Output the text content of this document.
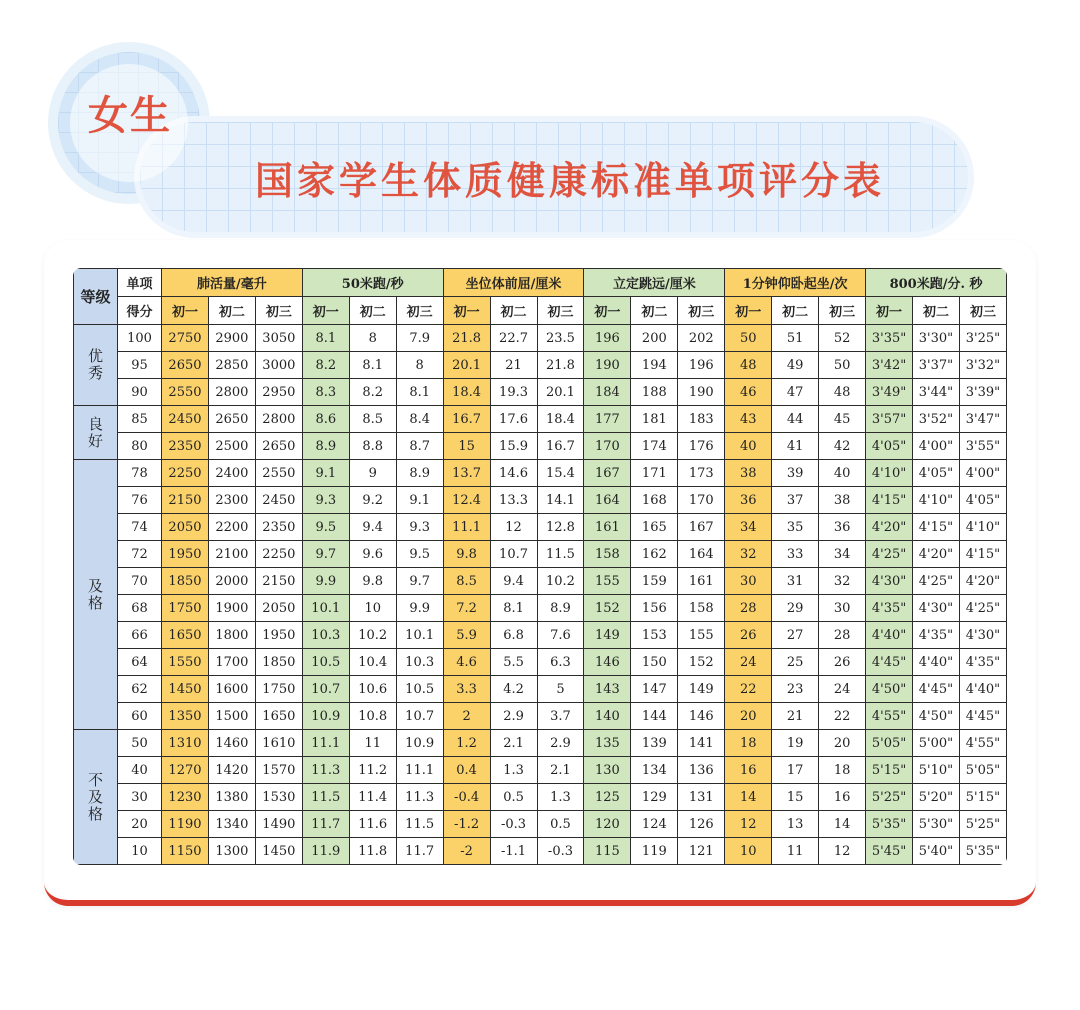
女生
国家学生体质健康标准单项评分表
等级	单项	肺活量/毫升			50米跑/秒			坐位体前屈/厘米			立定跳远/厘米			1分钟仰卧起坐/次			800米跑/分. 秒		
	得分	初一	初二	初三	初一	初二	初三	初一	初二	初三	初一	初二	初三	初一	初二	初三	初一	初二	初三

优秀	100	2750	2900	3050	8.1	8	7.9	21.8	22.7	23.5	196	200	202	50	51	52	3'35"	3'30"	3'25"
	95	2650	2850	3000	8.2	8.1	8	20.1	21	21.8	190	194	196	48	49	50	3'42"	3'37"	3'32"
	90	2550	2800	2950	8.3	8.2	8.1	18.4	19.3	20.1	184	188	190	46	47	48	3'49"	3'44"	3'39"

良好	85	2450	2650	2800	8.6	8.5	8.4	16.7	17.6	18.4	177	181	183	43	44	45	3'57"	3'52"	3'47"
	80	2350	2500	2650	8.9	8.8	8.7	15	15.9	16.7	170	174	176	40	41	42	4'05"	4'00"	3'55"

及格	78	2250	2400	2550	9.1	9	8.9	13.7	14.6	15.4	167	171	173	38	39	40	4'10"	4'05"	4'00"
	76	2150	2300	2450	9.3	9.2	9.1	12.4	13.3	14.1	164	168	170	36	37	38	4'15"	4'10"	4'05"
	74	2050	2200	2350	9.5	9.4	9.3	11.1	12	12.8	161	165	167	34	35	36	4'20"	4'15"	4'10"
	72	1950	2100	2250	9.7	9.6	9.5	9.8	10.7	11.5	158	162	164	32	33	34	4'25"	4'20"	4'15"
	70	1850	2000	2150	9.9	9.8	9.7	8.5	9.4	10.2	155	159	161	30	31	32	4'30"	4'25"	4'20"
	68	1750	1900	2050	10.1	10	9.9	7.2	8.1	8.9	152	156	158	28	29	30	4'35"	4'30"	4'25"
	66	1650	1800	1950	10.3	10.2	10.1	5.9	6.8	7.6	149	153	155	26	27	28	4'40"	4'35"	4'30"
	64	1550	1700	1850	10.5	10.4	10.3	4.6	5.5	6.3	146	150	152	24	25	26	4'45"	4'40"	4'35"
	62	1450	1600	1750	10.7	10.6	10.5	3.3	4.2	5	143	147	149	22	23	24	4'50"	4'45"	4'40"
	60	1350	1500	1650	10.9	10.8	10.7	2	2.9	3.7	140	144	146	20	21	22	4'55"	4'50"	4'45"

不及格	50	1310	1460	1610	11.1	11	10.9	1.2	2.1	2.9	135	139	141	18	19	20	5'05"	5'00"	4'55"
	40	1270	1420	1570	11.3	11.2	11.1	0.4	1.3	2.1	130	134	136	16	17	18	5'15"	5'10"	5'05"
	30	1230	1380	1530	11.5	11.4	11.3	-0.4	0.5	1.3	125	129	131	14	15	16	5'25"	5'20"	5'15"
	20	1190	1340	1490	11.7	11.6	11.5	-1.2	-0.3	0.5	120	124	126	12	13	14	5'35"	5'30"	5'25"
	10	1150	1300	1450	11.9	11.8	11.7	-2	-1.1	-0.3	115	119	121	10	11	12	5'45"	5'40"	5'35"
